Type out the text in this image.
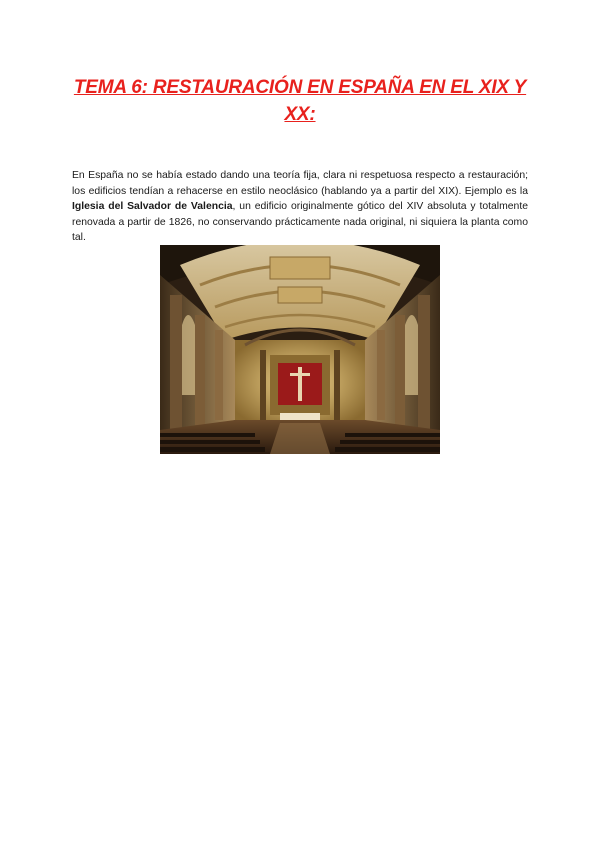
TEMA 6: RESTAURACIÓN EN ESPAÑA EN EL XIX Y XX:

En España no se había estado dando una teoría fija, clara ni respetuosa respecto a restauración; los edificios tendían a rehacerse en estilo neoclásico (hablando ya a partir del XIX). Ejemplo es la Iglesia del Salvador de Valencia, un edificio originalmente gótico del XIV absoluta y totalmente renovada a partir de 1826, no conservando prácticamente nada original, ni siquiera la planta como tal.
